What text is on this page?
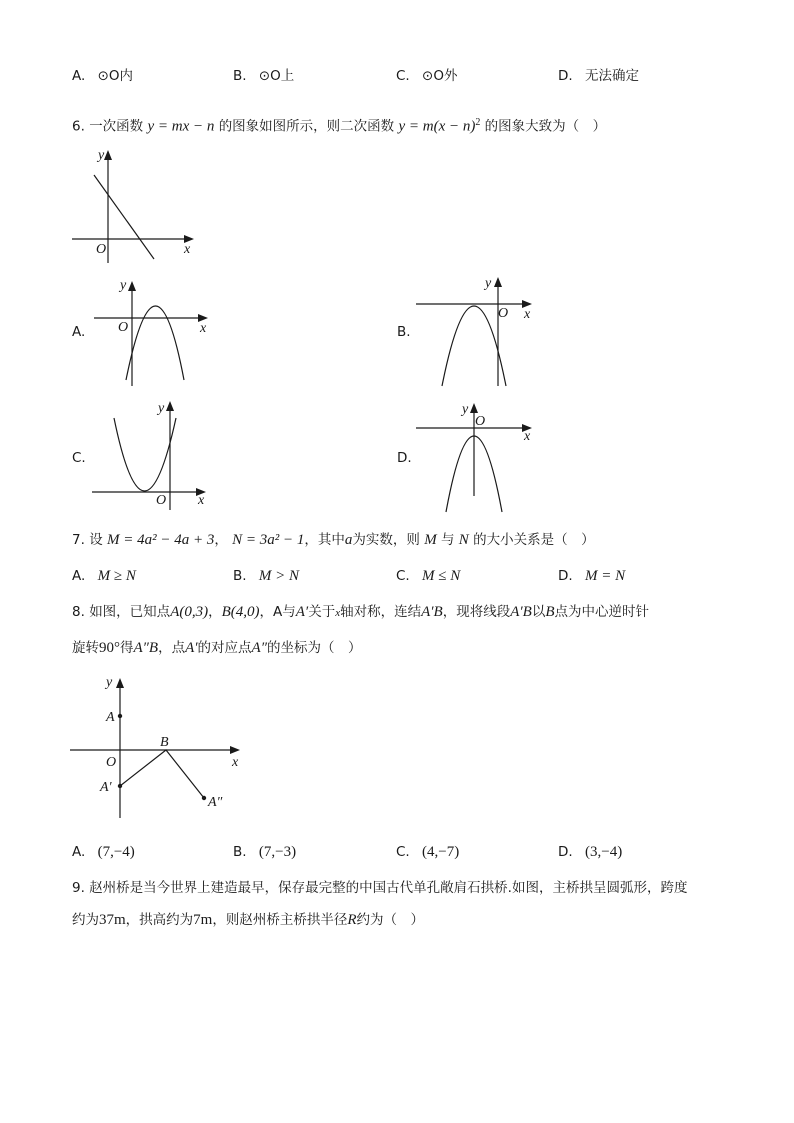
A. ⊙O内	B. ⊙O上	C. ⊙O外	D. 无法确定
6. 一次函数 y = mx − n 的图象如图所示，则二次函数 $y = m(x - n)^2$ 的图象大致为（　）
y
O	x
A.
y
O	x	B.
y
O x
C.
y
O x
D.
y
O
x
7. 设 M = 4a² − 4a + 3， N = 3a² − 1，其中a为实数，则 M 与 N 的大小关系是（　）
A. M ≥ N	B. M > N	C. M ≤ N	D. M = N
8. 如图，已知点A(0,3)，B(4,0)，A与A′关于x轴对称，连结A′B，现将线段A′B以B点为中心逆时针
旋转90°得A″B，点A′的对应点A″的坐标为（　）
y
A
B
O	x
A′
A″
A. (7,−4)	B. (7,−3)	C. (4,−7)	D. (3,−4)
9. 赵州桥是当今世界上建造最早，保存最完整的中国古代单孔敞肩石拱桥.如图，主桥拱呈圆弧形，跨度
约为37m，拱高约为7m，则赵州桥主桥拱半径R约为（　）
